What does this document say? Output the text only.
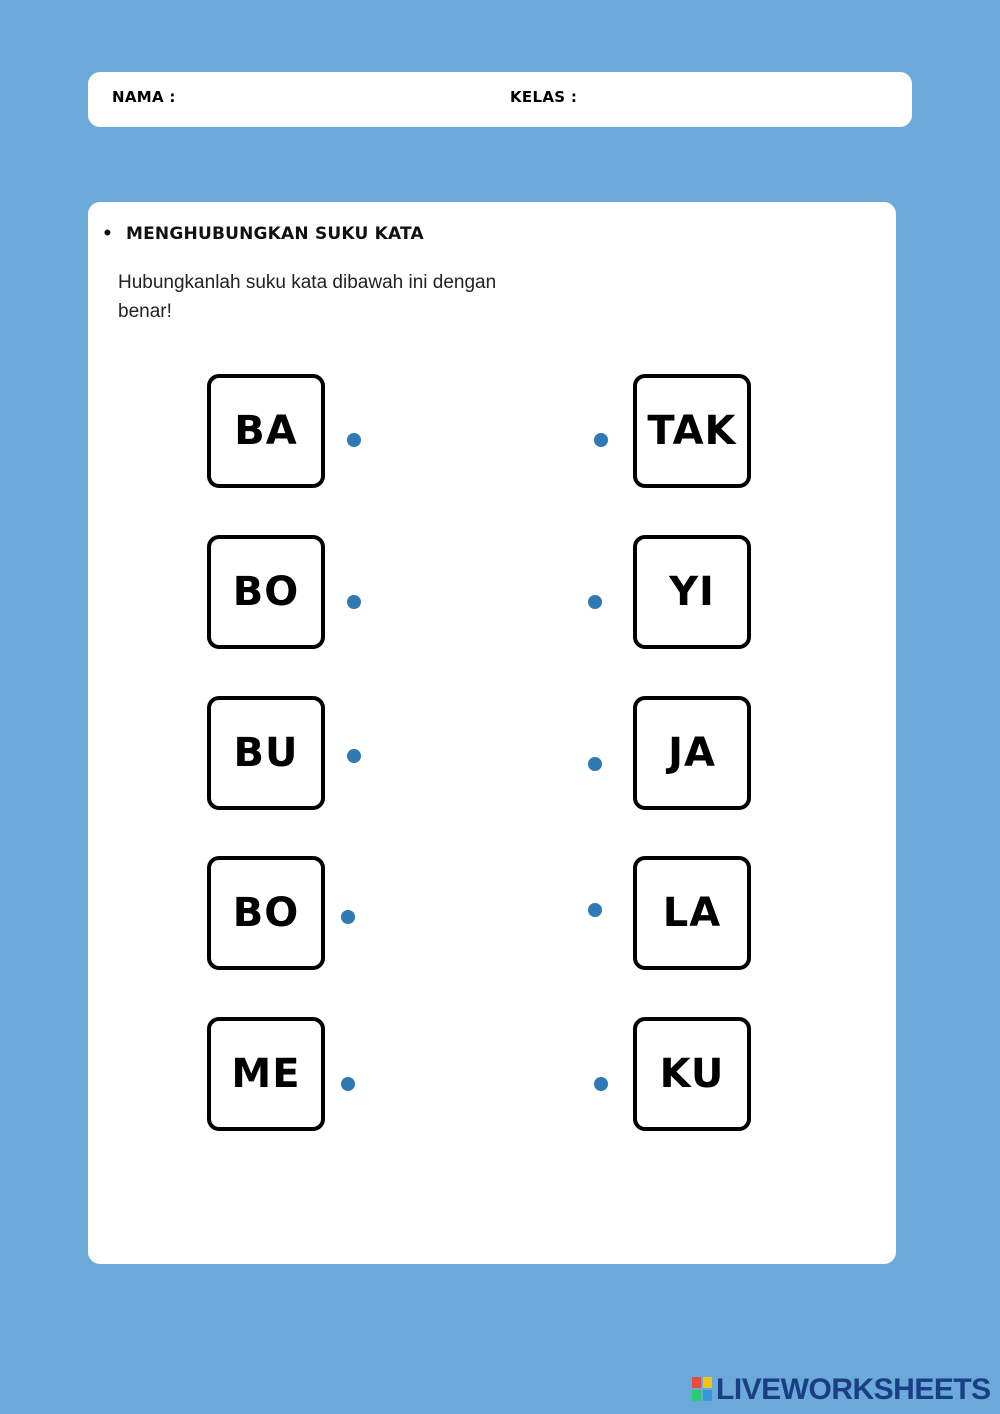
NAMA :	KELAS :
• MENGHUBUNGKAN SUKU KATA
Hubungkanlah suku kata dibawah ini dengan benar!
BA
BO
BU
BO
ME
TAK
YI
JA
LA
KU
LIVEWORKSHEETS
